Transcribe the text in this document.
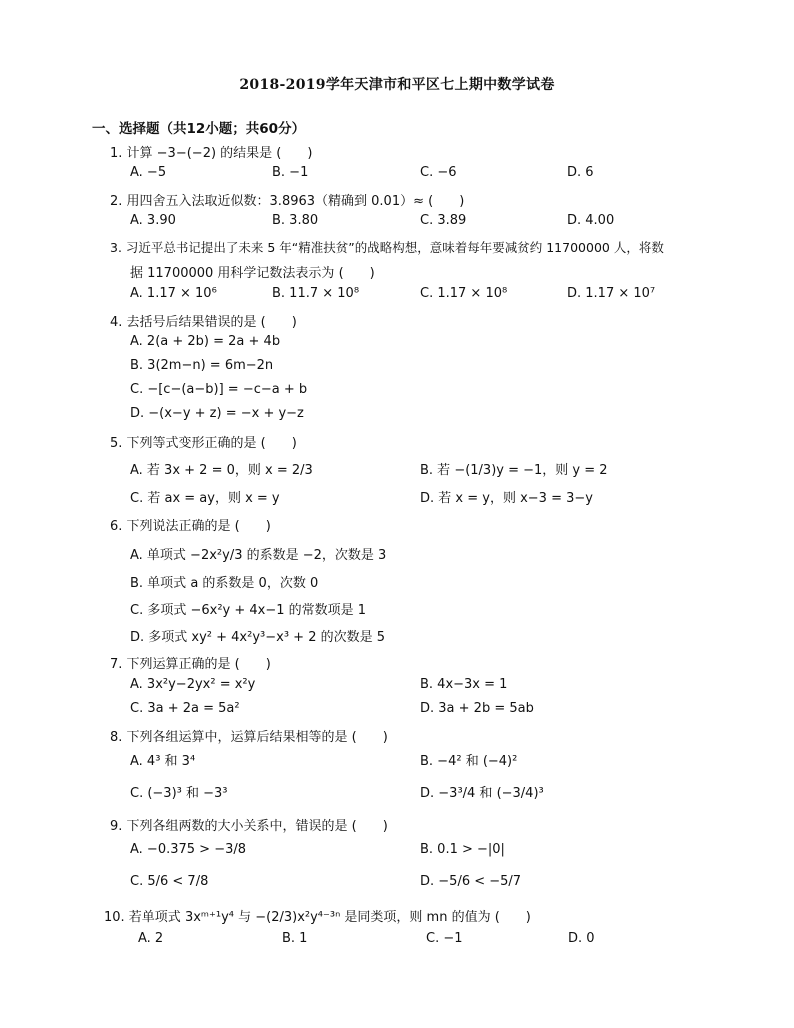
2018-2019学年天津市和平区七上期中数学试卷
一、选择题（共12小题；共60分）
1. 计算 −3−(−2) 的结果是 (　　)
A. −5	B. −1	C. −6	D. 6
2. 用四舍五入法取近似数：3.8963（精确到 0.01）≈ (　　)
A. 3.90	B. 3.80	C. 3.89	D. 4.00
3. 习近平总书记提出了未来 5 年“精准扶贫”的战略构想，意味着每年要减贫约 11700000 人，将数
据 11700000 用科学记数法表示为 (　　)
A. 1.17 × 10⁶	B. 11.7 × 10⁸	C. 1.17 × 10⁸	D. 1.17 × 10⁷
4. 去括号后结果错误的是 (　　)
A. 2(a + 2b) = 2a + 4b
B. 3(2m−n) = 6m−2n
C. −[c−(a−b)] = −c−a + b
D. −(x−y + z) = −x + y−z
5. 下列等式变形正确的是 (　　)
A. 若 3x + 2 = 0，则 x = 2/3	B. 若 −(1/3)y = −1，则 y = 2
C. 若 ax = ay，则 x = y	D. 若 x = y，则 x−3 = 3−y
6. 下列说法正确的是 (　　)
A. 单项式 −2x²y/3 的系数是 −2，次数是 3
B. 单项式 a 的系数是 0，次数 0
C. 多项式 −6x²y + 4x−1 的常数项是 1
D. 多项式 xy² + 4x²y³−x³ + 2 的次数是 5
7. 下列运算正确的是 (　　)
A. 3x²y−2yx² = x²y	B. 4x−3x = 1
C. 3a + 2a = 5a²	D. 3a + 2b = 5ab
8. 下列各组运算中，运算后结果相等的是 (　　)
A. 4³ 和 3⁴	B. −4² 和 (−4)²
C. (−3)³ 和 −3³	D. −3³/4 和 (−3/4)³
9. 下列各组两数的大小关系中，错误的是 (　　)
A. −0.375 > −3/8	B. 0.1 > −|0|
C. 5/6 < 7/8	D. −5/6 < −5/7
10. 若单项式 3xᵐ⁺¹y⁴ 与 −(2/3)x²y⁴⁻³ⁿ 是同类项，则 mn 的值为 (　　)
A. 2	B. 1	C. −1	D. 0
